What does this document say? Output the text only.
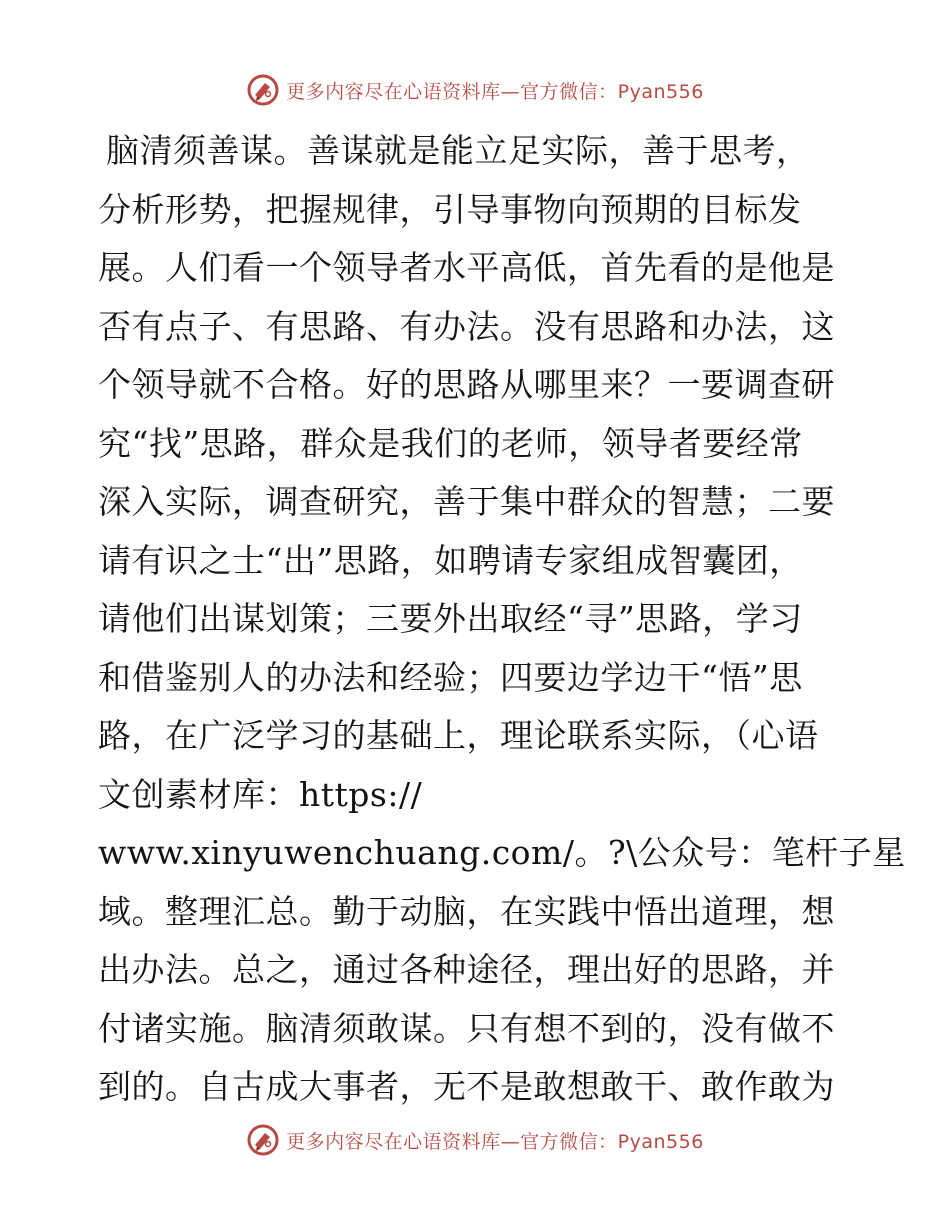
更多内容尽在心语资料库—官方微信：Pyan556
脑清须善谋。善谋就是能立足实际，善于思考，
分析形势，把握规律，引导事物向预期的目标发
展。人们看一个领导者水平高低，首先看的是他是
否有点子、有思路、有办法。没有思路和办法，这
个领导就不合格。好的思路从哪里来？一要调查研
究“找”思路，群众是我们的老师，领导者要经常
深入实际，调查研究，善于集中群众的智慧；二要
请有识之士“出”思路，如聘请专家组成智囊团，
请他们出谋划策；三要外出取经“寻”思路，学习
和借鉴别人的办法和经验；四要边学边干“悟”思
路，在广泛学习的基础上，理论联系实际，（心语
文创素材库：https://
www.xinyuwenchuang.com/。?\公众号：笔杆子星
域。整理汇总。勤于动脑，在实践中悟出道理，想
出办法。总之，通过各种途径，理出好的思路，并
付诸实施。脑清须敢谋。只有想不到的，没有做不
到的。自古成大事者，无不是敢想敢干、敢作敢为
更多内容尽在心语资料库—官方微信：Pyan556
